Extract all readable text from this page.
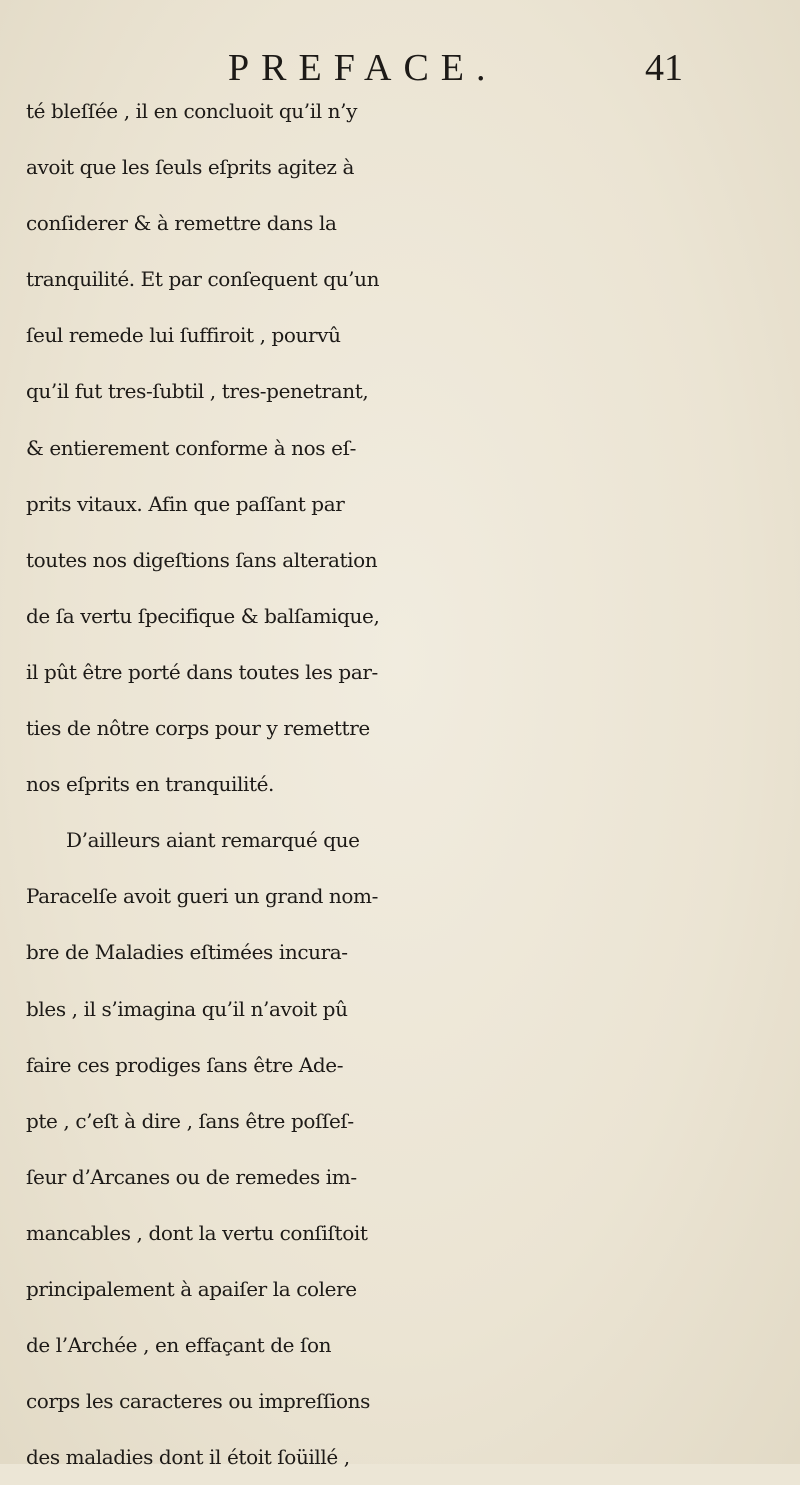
PREFACE.	41
té bleſſée , il en concluoit qu’il n’y
avoit que les ſeuls eſprits agitez à
conſiderer & à remettre dans la
tranquilité. Et par conſequent qu’un
ſeul remede lui ſuffiroit , pourvû
qu’il fut tres-ſubtil , tres-penetrant,
& entierement conforme à nos eſ-
prits vitaux. Afin que paſſant par
toutes nos digeſtions ſans alteration
de ſa vertu ſpecifique & balſamique,
il pût être porté dans toutes les par-
ties de nôtre corps pour y remettre
nos eſprits en tranquilité.
D’ailleurs aiant remarqué que
Paracelſe avoit gueri un grand nom-
bre de Maladies eſtimées incura-
bles , il s’imagina qu’il n’avoit pû
faire ces prodiges ſans être Ade-
pte , c’eſt à dire , ſans être poſſeſ-
ſeur d’Arcanes ou de remedes im-
mancables , dont la vertu conſiſtoit
principalement à apaiſer la colere
de l’Archée , en effaçant de ſon
corps les caracteres ou impreſſions
des maladies dont il étoit ſoüillé ,
